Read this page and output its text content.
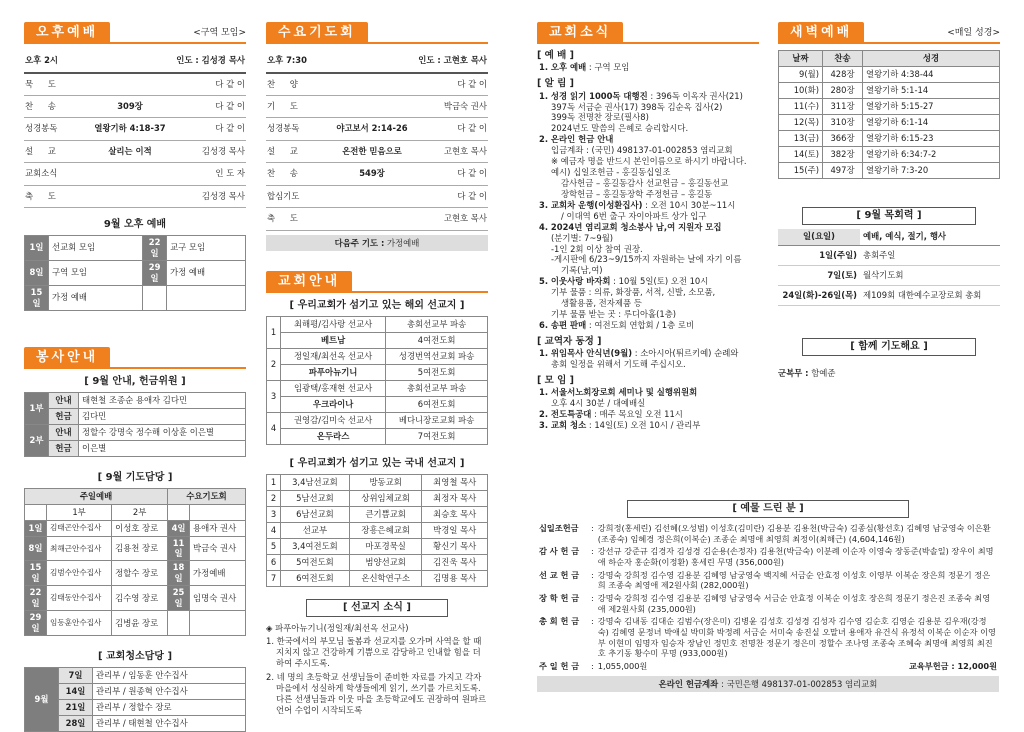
오후예배	<구역 모임>
오후 2시		인도 : 김성경 목사
묵 도		다 같 이
찬 송	309장	다 같 이
성경봉독	열왕기하 4:18-37	다 같 이
설 교	살리는 이적	김성경 목사
교회소식		인 도 자
축 도		김성경 목사
9월 오후 예배
1일	선교회 모임	22일	교구 모임
8일	구역 모임	29일	가정 예배
15일	가정 예배		
봉사안내
[ 9월 안내, 헌금위원 ]
1부	안내	태현철 조종순 용애자 김다민
	헌금	김다민
2부	안내	정할수 강명숙 정수해 이상훈 이은별
	헌금	이은별
[ 9월 기도담당 ]
주일예배			수요기도회	
	1부	2부		
1일	김태곤안수집사	이성호 장로	4일	용애자 권사
8일	최해근안수집사	김용천 장로	11일	박금숙 권사
15일	김범수안수집사	정할수 장로	18일	가정예배
22일	김태동안수집사	김수영 장로	25일	임명숙 권사
29일	임동훈안수집사	김병윤 장로		
[ 교회청소담당 ]
9월	7일	관리부 / 임동훈 안수집사
	14일	관리부 / 원종혁 안수집사
	21일	관리부 / 정할수 장로
	28일	관리부 / 태현철 안수집사
수요기도회
오후 7:30		인도 : 고현호 목사
찬 양		다 같 이
기 도		박금숙 권사
성경봉독	야고보서 2:14-26	다 같 이
설 교	온전한 믿음으로	고현호 목사
찬 송	549장	다 같 이
합심기도		다 같 이
축 도		고현호 목사
다음주 기도 : 가정예배
교회안내
[ 우리교회가 섬기고 있는 해외 선교지 ]
1	최해평/김사랑 선교사	총회선교부 파송
	베트남	4여전도회
2	정일재/최선옥 선교사	성경번역선교회 파송
	파푸아뉴기니	5여전도회
3	임광택/홍재현 선교사	총회선교부 파송
	우크라이나	6여전도회
4	권영감/김미숙 선교사	베다니장로교회 파송
	온두라스	7여전도회
[ 우리교회가 섬기고 있는 국내 선교지 ]
1	3,4남선교회	방동교회	최영철 목사
2	5남선교회	상위임체교회	최정자 목사
3	6남선교회	큰기쁨교회	최승호 목사
4	선교부	장흥은혜교회	박경일 목사
5	3,4여전도회	마포경묵실	황신기 목사
6	5여전도회	범양선교회	김진욱 목사
7	6여전도회	온신학연구소	김명용 목사
[ 선교지 소식 ]
◈ 파푸아뉴기니(정일재/최선옥 선교사)
1. 한국에서의 부모님 돌봄과 선교지를 오가며 사역을 할 때 지치지 않고 건강하게 기쁨으로 감당하고 인내할 힘을 더하여 주시도록.
2. 네 명의 초등학교 선생님들이 준비한 자료를 가지고 각자 마을에서 성실하게 학생들에게 읽기, 쓰기를 가르치도록. 다른 선생님들과 이웃 마을 초등학교에도 권장하여 원파르 언어 수업이 시작되도록
교회소식
[ 예 배 ]
1. 오후 예배 : 구역 모임
[ 알 림 ]
1. 성경 읽기 1000독 대행진 : 396독 이옥자 권사(21)
397독 서금순 권사(17) 398독 김순옥 집사(2)
399독 전명찬 장로(필사8)
2024년도 말씀의 은혜로 승리합시다.
2. 온라인 헌금 안내
입금계좌 : (국민) 498137-01-002853 염리교회
※ 예금자 명을 반드시 본인이름으로 하시기 바랍니다.
예시) 십일조헌금 - 홍길동십일조
감사헌금 – 홍길동감사 선교헌금 – 홍길동선교
장학헌금 – 홍길동장학 주정헌금 – 홍길동
3. 교회차 운행(이성환집사) : 오전 10시 30분~11시
/ 이대역 6번 출구 자이아파트 상가 입구
4. 2024년 염리교회 청소봉사 남,여 지원자 모집
(분기별: 7~9월)
-1인 2회 이상 참여 권장.
-게시판에 6/23~9/15까지 자원하는 날에 자기 이름
기록(남,여)
5. 이웃사랑 바자회 : 10월 5일(토) 오전 10시
기부 물품 : 의류, 화장품, 서적, 신발, 소모품,
생활용품, 전자제품 등
기부 물품 받는 곳 : 루디아홀(1층)
6. 송편 판매 : 여전도회 연합회 / 1층 로비
[ 교역자 동정 ]
1. 위임목사 안식년(9월) : 소아시아(튀르키예) 순례와
총회 일정을 위해서 기도해 주십시오.
[ 모 임 ]
1. 서울서노회장로회 세미나 및 실행위원회
오후 4시 30분 / 대예배실
2. 전도특공대 : 매주 목요일 오전 11시
3. 교회 청소 : 14일(토) 오전 10시 / 관리부
[ 예물 드린 분 ]
십일조헌금	:	강희정(홍세린) 김선혜(오성범) 이성호(김미란) 김용분 김용천(박금숙) 김종심(황선호) 김혜영 남궁영숙 이은환(조종숙) 임혜경 정은희(이복순) 조종순 최명애 최영희 최정이(최해근) (4,604,146원)
감 사 헌 금	:	강선규 강준규 김경자 김성경 김순용(손정자) 김용천(박금숙) 이분례 이순자 이영숙 장동준(박솔일) 장우이 최명애 하순자 홍순화(이정환) 홍세린 무명 (356,000원)
선 교 헌 금	:	강명숙 강희정 김수영 김용분 김혜영 남궁영숙 백지혜 서금순 안효정 이성호 이영부 이복순 장은희 정문기 정은희 조종숙 최영애 제2원사회 (282,000원)
장 학 헌 금	:	강명숙 강희정 김수영 김용분 김혜영 남궁영숙 서금순 안효정 이복순 이성호 장은희 정문기 정은진 조종숙 최영애 제2원사회 (235,000원)
총 회 헌 금	:	강명숙 김내동 김대순 김범수(장은미) 김병윤 김성호 김성경 김성자 김수영 김순호 김영순 김용분 김우재(강정숙) 김혜영 문정녀 박애실 박미화 박정례 서금순 서미숙 송진실 오말녀 용애자 유건식 유정석 이복순 이순자 이영부 이현미 임명자 임승자 장남인 정민호 전명찬 정문기 정은미 정할수 조나영 조종숙 조혜숙 최명애 최영희 최진호 추기동 황수미 무명 (933,000원)
주 일 헌 금	:	1,055,000원 교육부헌금 : 12,000원
온라인 헌금계좌 : 국민은행 498137-01-002853 염리교회
새벽예배	<매일 성경>
날짜	찬송	성경
9(월)	428장	열왕기하 4:38-44
10(화)	280장	열왕기하 5:1-14
11(수)	311장	열왕기하 5:15-27
12(목)	310장	열왕기하 6:1-14
13(금)	366장	열왕기하 6:15-23
14(토)	382장	열왕기하 6:34:7-2
15(주)	497장	열왕기하 7:3-20
[ 9월 목회력 ]
일(요일)	예배, 예식, 절기, 행사
1일(주일)	총회주일
7일(토)	월삭기도회
24일(화)-26일(목)	제109회 대한예수교장로회 총회
[ 함께 기도해요 ]
군복무 : 함예준
